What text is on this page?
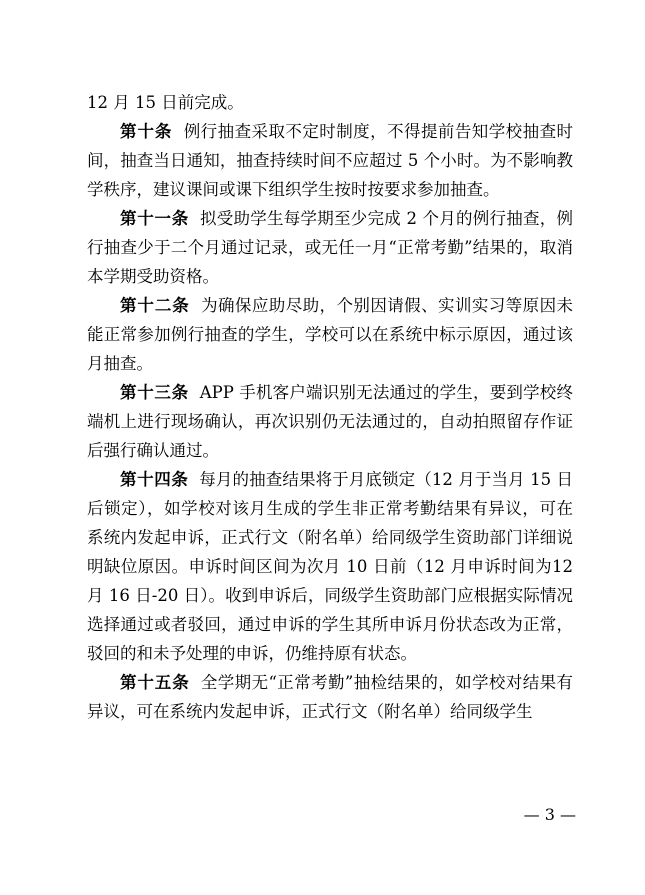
12 月 15 日前完成。

第十条 例行抽查采取不定时制度，不得提前告知学校抽查时间，抽查当日通知，抽查持续时间不应超过 5 个小时。为不影响教学秩序，建议课间或课下组织学生按时按要求参加抽查。

第十一条 拟受助学生每学期至少完成 2 个月的例行抽查，例行抽查少于二个月通过记录，或无任一月“正常考勤”结果的，取消本学期受助资格。

第十二条 为确保应助尽助，个别因请假、实训实习等原因未能正常参加例行抽查的学生，学校可以在系统中标示原因，通过该月抽查。

第十三条 APP 手机客户端识别无法通过的学生，要到学校终端机上进行现场确认，再次识别仍无法通过的，自动拍照留存作证后强行确认通过。

第十四条 每月的抽查结果将于月底锁定（12 月于当月 15 日后锁定），如学校对该月生成的学生非正常考勤结果有异议，可在系统内发起申诉，正式行文（附名单）给同级学生资助部门详细说明缺位原因。申诉时间区间为次月 10 日前（12 月申诉时间为12 月 16 日-20 日）。收到申诉后，同级学生资助部门应根据实际情况选择通过或者驳回，通过申诉的学生其所申诉月份状态改为正常，驳回的和未予处理的申诉，仍维持原有状态。

第十五条 全学期无“正常考勤”抽检结果的，如学校对结果有异议，可在系统内发起申诉，正式行文（附名单）给同级学生

— 3 —
